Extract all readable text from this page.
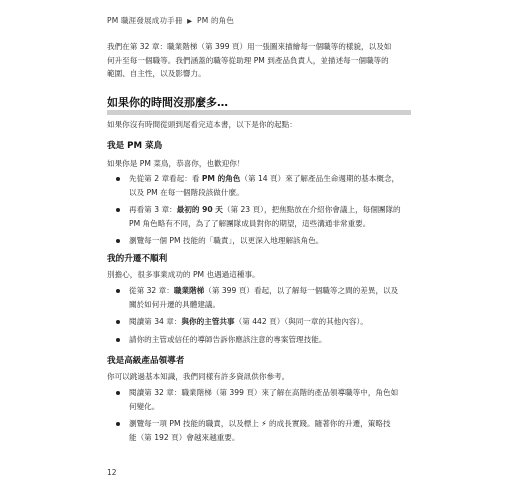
PM 職涯發展成功手冊 ▶ PM 的角色
我們在第 32 章：職業階梯（第 399 頁）用一張圖來描繪每一個職等的樣貌，以及如
何升至每一個職等。我們涵蓋的職等從助理 PM 到產品負責人，並描述每一個職等的
範圍、自主性，以及影響力。
如果你的時間沒那麼多…
如果你沒有時間從頭到尾看完這本書，以下是你的起點：
我是 PM 菜鳥
如果你是 PM 菜鳥，恭喜你，也歡迎你！
先從第 2 章看起：看 PM 的角色（第 14 頁）來了解產品生命週期的基本概念，
以及 PM 在每一個階段該做什麼。
再看第 3 章：最初的 90 天（第 23 頁），把焦點放在介紹你會議上，每個團隊的
PM 角色略有不同，為了了解團隊成員對你的期望，這些溝通非常重要。
瀏覽每一個 PM 技能的「職責」，以更深入地理解該角色。
我的升遷不順利
別擔心，很多事業成功的 PM 也遇過這種事。
從第 32 章：職業階梯（第 399 頁）看起，以了解每一個職等之間的差異，以及
關於如何升遷的具體建議。
閱讀第 34 章：與你的主管共事（第 442 頁）（與同一章的其他內容）。
請你的主管或信任的導師告訴你應該注意的專案管理技能。
我是高級產品領導者
你可以跳過基本知識，我們同樣有許多資訊供你參考。
閱讀第 32 章：職業階梯（第 399 頁）來了解在高階的產品領導職等中，角色如
何變化。
瀏覽每一項 PM 技能的職責，以及標上 ⚡ 的成長實踐。隨著你的升遷，策略技
能（第 192 頁）會越來越重要。
12
